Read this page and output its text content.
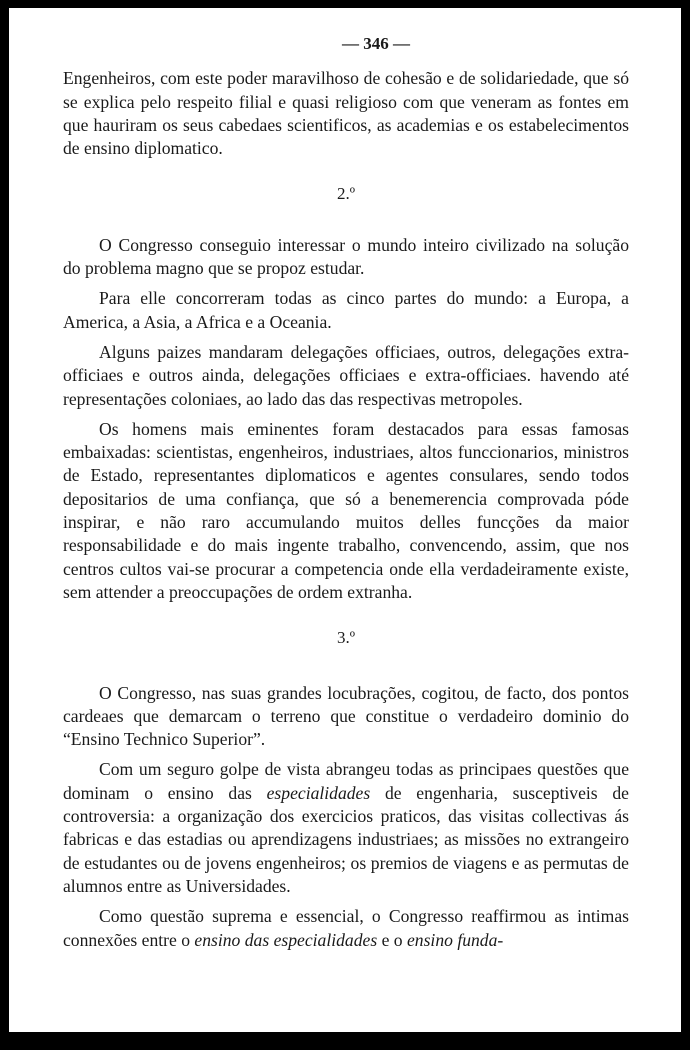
— 346 —

Engenheiros, com este poder maravilhoso de cohesão e de solidariedade, que só se explica pelo respeito filial e quasi religioso com que veneram as fontes em que hauriram os seus cabedaes scientificos, as academias e os estabelecimentos de ensino diplomatico.

2.º

O Congresso conseguio interessar o mundo inteiro civilizado na solução do problema magno que se propoz estudar.

Para elle concorreram todas as cinco partes do mundo: a Europa, a America, a Asia, a Africa e a Oceania.

Alguns paizes mandaram delegações officiaes, outros, delegações extra-officiaes e outros ainda, delegações officiaes e extra-officiaes. havendo até representações coloniaes, ao lado das das respectivas metropoles.

Os homens mais eminentes foram destacados para essas famosas embaixadas: scientistas, engenheiros, industriaes, altos funccionarios, ministros de Estado, representantes diplomaticos e agentes consulares, sendo todos depositarios de uma confiança, que só a benemerencia comprovada póde inspirar, e não raro accumulando muitos delles funcções da maior responsabilidade e do mais ingente trabalho, convencendo, assim, que nos centros cultos vai-se procurar a competencia onde ella verdadeiramente existe, sem attender a preoccupações de ordem extranha.

3.º

O Congresso, nas suas grandes locubrações, cogitou, de facto, dos pontos cardeaes que demarcam o terreno que constitue o verdadeiro dominio do “Ensino Technico Superior”.

Com um seguro golpe de vista abrangeu todas as principaes questões que dominam o ensino das especialidades de engenharia, susceptiveis de controversia: a organização dos exercicios praticos, das visitas collectivas ás fabricas e das estadias ou aprendizagens industriaes; as missões no extrangeiro de estudantes ou de jovens engenheiros; os premios de viagens e as permutas de alumnos entre as Universidades.

Como questão suprema e essencial, o Congresso reaffirmou as intimas connexões entre o ensino das especialidades e o ensino funda-
